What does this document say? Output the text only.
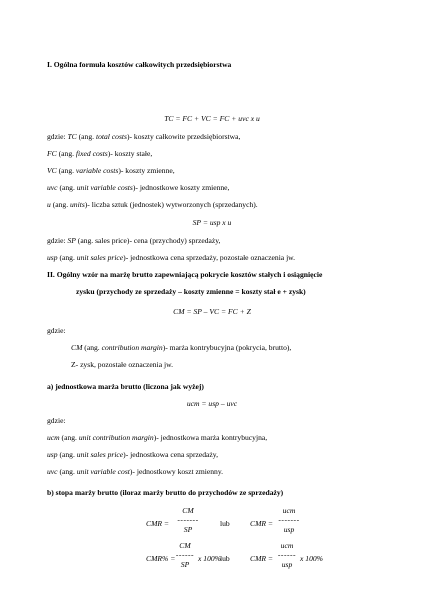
I. Ogólna formuła kosztów całkowitych przedsiębiorstwa
TC = FC + VC = FC + uvc x u
gdzie: TC (ang. total costs)- koszty całkowite przedsiębiorstwa,
FC (ang. fixed costs)- koszty stałe,
VC (ang. variable costs)- koszty zmienne,
uvc (ang. unit variable costs)- jednostkowe koszty zmienne,
u (ang. units)- liczba sztuk (jednostek) wytworzonych (sprzedanych).
SP = usp x u
gdzie: SP (ang. sales price)- cena (przychody) sprzedaży,
usp (ang. unit sales price)- jednostkowa cena sprzedaży, pozostałe oznaczenia jw.
II. Ogólny wzór na marżę brutto zapewniającą pokrycie kosztów stałych i osiągnięcie
zysku (przychody ze sprzedaży – koszty zmienne = koszty stał e + zysk)
CM = SP – VC = FC + Z
gdzie:
CM (ang. contribution margin)- marża kontrybucyjna (pokrycia, brutto),
Z- zysk, pozostałe oznaczenia jw.
a) jednostkowa marża brutto (liczona jak wyżej)
ucm = usp – uvc
gdzie:
ucm (ang. unit contribution margin)- jednostkowa marża kontrybucyjna,
usp (ang. unit sales price)- jednostkowa cena sprzedaży,
uvc (ang. unit variable cost)- jednostkowy koszt zmienny.
b) stopa marży brutto (iloraz marży brutto do przychodów ze sprzedaży)
CMR =
CM
-------
SP
lub	CMR =
ucm
-------
usp
CMR% =
CM
------
SP
x 100% lub	CMR =
ucm
------
usp
x 100%
